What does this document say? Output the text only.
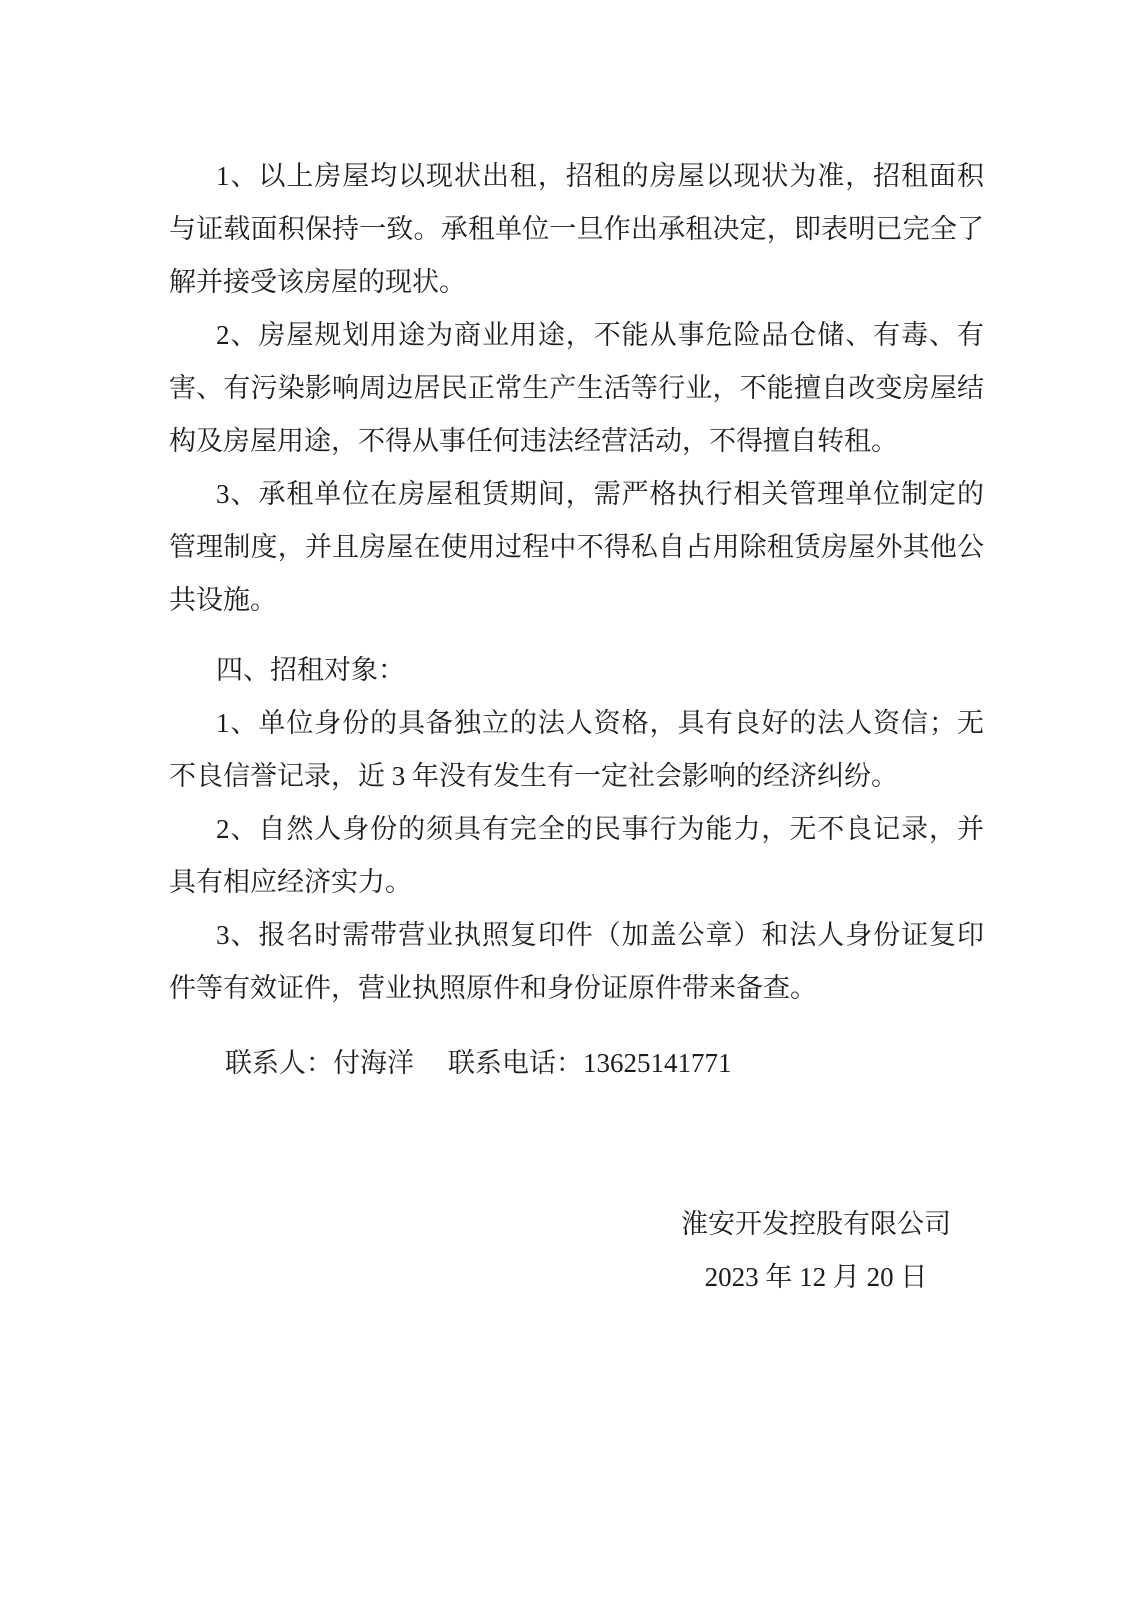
1、以上房屋均以现状出租，招租的房屋以现状为准，招租面积
与证载面积保持一致。承租单位一旦作出承租决定，即表明已完全了
解并接受该房屋的现状。
2、房屋规划用途为商业用途，不能从事危险品仓储、有毒、有
害、有污染影响周边居民正常生产生活等行业，不能擅自改变房屋结
构及房屋用途，不得从事任何违法经营活动，不得擅自转租。
3、承租单位在房屋租赁期间，需严格执行相关管理单位制定的
管理制度，并且房屋在使用过程中不得私自占用除租赁房屋外其他公
共设施。
四、招租对象：
1、单位身份的具备独立的法人资格，具有良好的法人资信；无
不良信誉记录，近 3 年没有发生有一定社会影响的经济纠纷。
2、自然人身份的须具有完全的民事行为能力，无不良记录，并
具有相应经济实力。
3、报名时需带营业执照复印件（加盖公章）和法人身份证复印
件等有效证件，营业执照原件和身份证原件带来备查。
联系人：付海洋 联系电话：13625141771
淮安开发控股有限公司
2023 年 12 月 20 日
